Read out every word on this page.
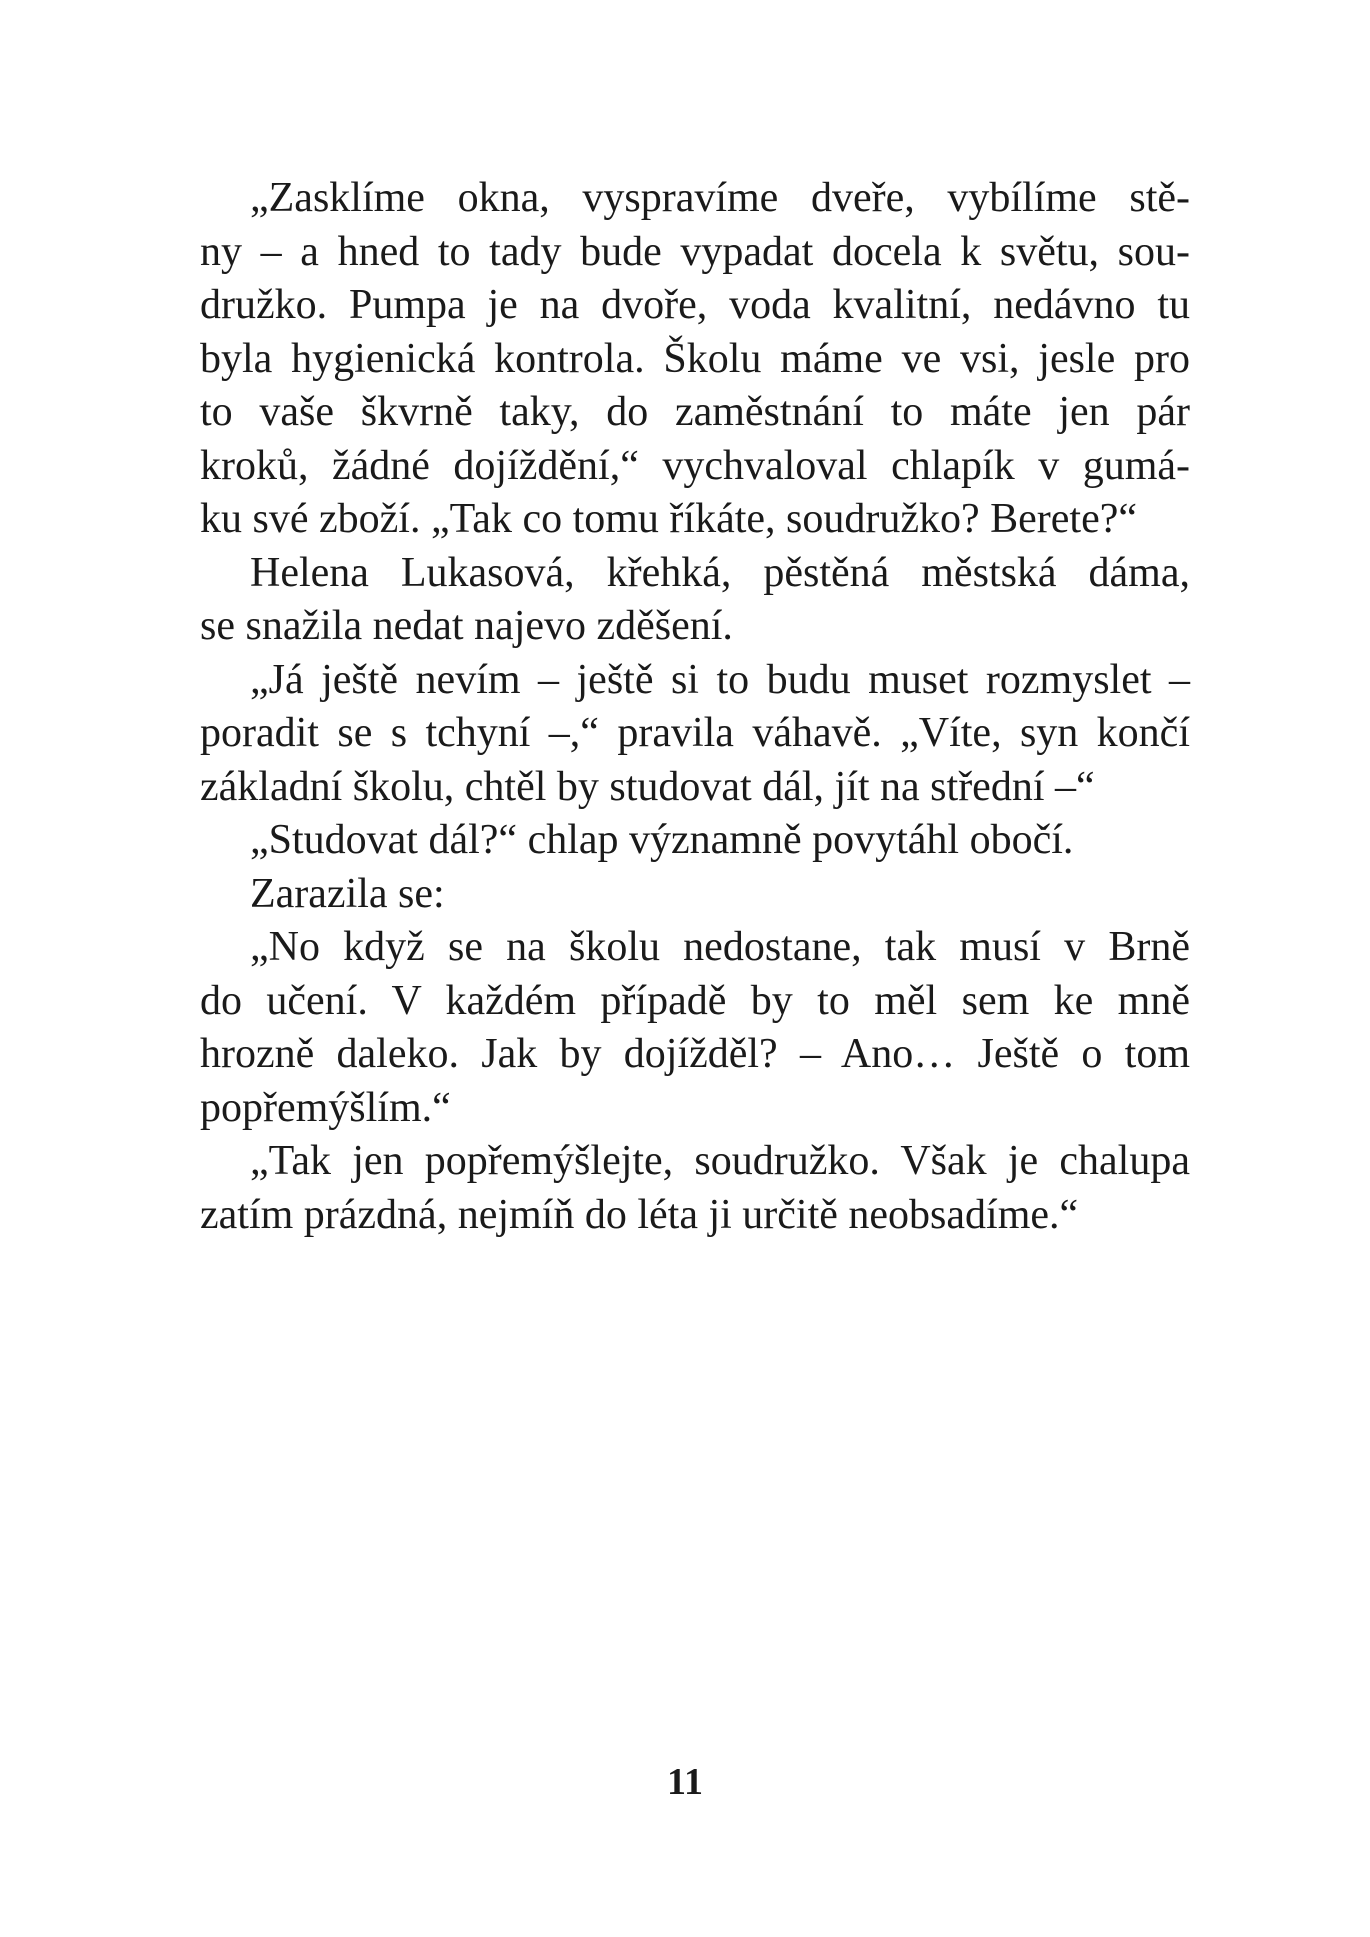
„Zasklíme okna, vyspravíme dveře, vybílíme stě-
ny – a hned to tady bude vypadat docela k světu, sou-
družko. Pumpa je na dvoře, voda kvalitní, nedávno tu
byla hygienická kontrola. Školu máme ve vsi, jesle pro
to vaše škvrně taky, do zaměstnání to máte jen pár
kroků, žádné dojíždění,“ vychvaloval chlapík v gumá-
ku své zboží. „Tak co tomu říkáte, soudružko? Berete?“
Helena Lukasová, křehká, pěstěná městská dáma,
se snažila nedat najevo zděšení.
„Já ještě nevím – ještě si to budu muset rozmyslet –
poradit se s tchyní –,“ pravila váhavě. „Víte, syn končí
základní školu, chtěl by studovat dál, jít na střední –“
„Studovat dál?“ chlap významně povytáhl obočí.
Zarazila se:
„No když se na školu nedostane, tak musí v Brně
do učení. V každém případě by to měl sem ke mně
hrozně daleko. Jak by dojížděl? – Ano… Ještě o tom
popřemýšlím.“
„Tak jen popřemýšlejte, soudružko. Však je chalupa
zatím prázdná, nejmíň do léta ji určitě neobsadíme.“
11
